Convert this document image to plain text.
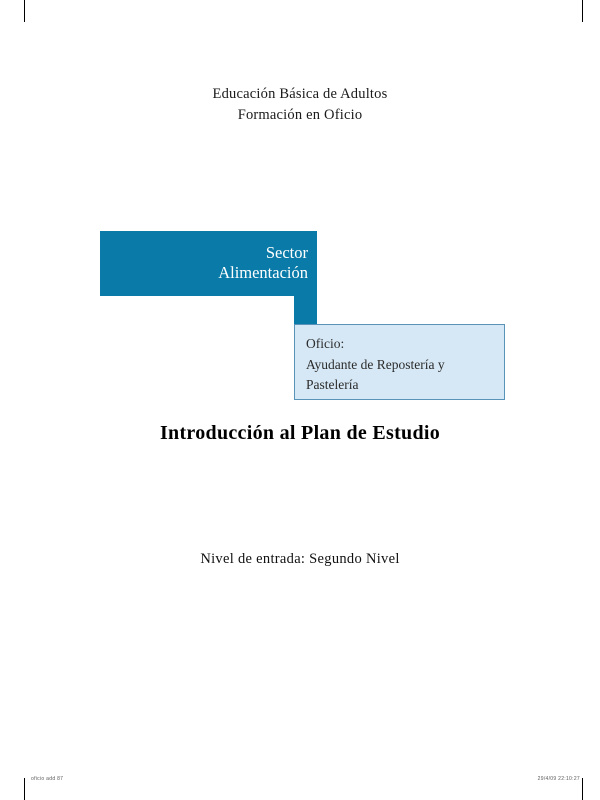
Educación Básica de Adultos
Formación en Oficio
Sector
Alimentación
Oficio:
Ayudante de Repostería y
Pastelería
Introducción al Plan de Estudio
Nivel de entrada: Segundo Nivel
oficio add 87	29/4/09 22:10:27
